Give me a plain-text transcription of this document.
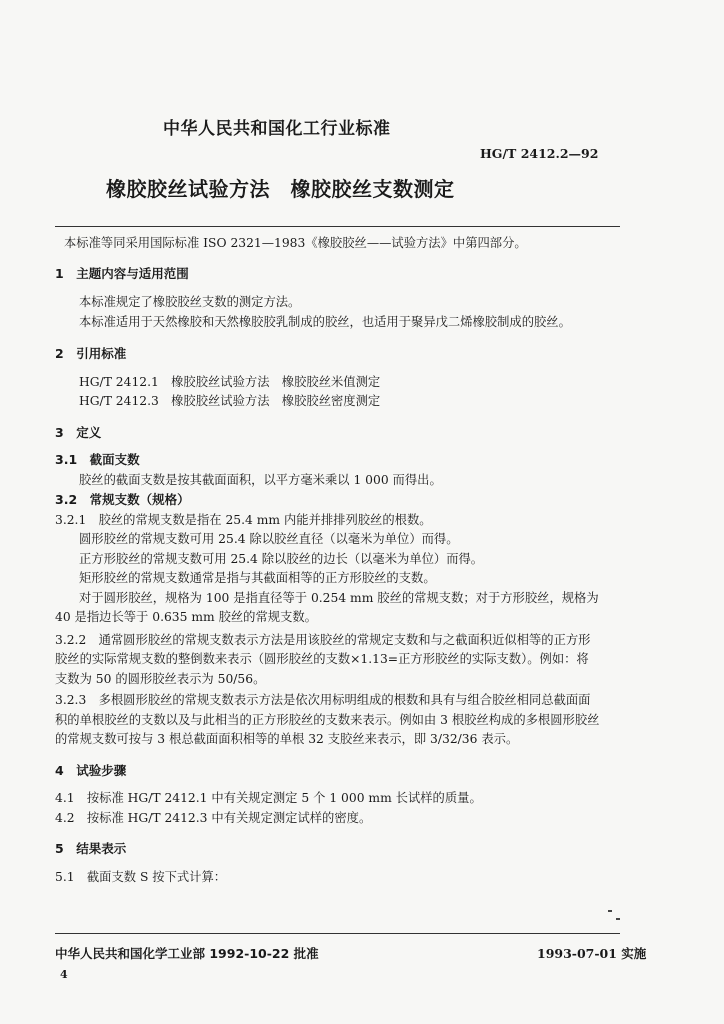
中华人民共和国化工行业标准
HG/T 2412.2—92
橡胶胶丝试验方法　橡胶胶丝支数测定
本标准等同采用国际标准 ISO 2321—1983《橡胶胶丝——试验方法》中第四部分。
1　主题内容与适用范围
本标准规定了橡胶胶丝支数的测定方法。
本标准适用于天然橡胶和天然橡胶胶乳制成的胶丝，也适用于聚异戊二烯橡胶制成的胶丝。
2　引用标准
HG/T 2412.1　橡胶胶丝试验方法　橡胶胶丝米值测定
HG/T 2412.3　橡胶胶丝试验方法　橡胶胶丝密度测定
3　定义
3.1　截面支数
胶丝的截面支数是按其截面面积，以平方毫米乘以 1 000 而得出。
3.2　常规支数（规格）
3.2.1　胶丝的常规支数是指在 25.4 mm 内能并排排列胶丝的根数。
圆形胶丝的常规支数可用 25.4 除以胶丝直径（以毫米为单位）而得。
正方形胶丝的常规支数可用 25.4 除以胶丝的边长（以毫米为单位）而得。
矩形胶丝的常规支数通常是指与其截面相等的正方形胶丝的支数。
对于圆形胶丝，规格为 100 是指直径等于 0.254 mm 胶丝的常规支数；对于方形胶丝，规格为
40 是指边长等于 0.635 mm 胶丝的常规支数。
3.2.2　通常圆形胶丝的常规支数表示方法是用该胶丝的常规定支数和与之截面积近似相等的正方形
胶丝的实际常规支数的整倒数来表示（圆形胶丝的支数×1.13=正方形胶丝的实际支数）。例如：将
支数为 50 的圆形胶丝表示为 50/56。
3.2.3　多根圆形胶丝的常规支数表示方法是依次用标明组成的根数和具有与组合胶丝相同总截面面
积的单根胶丝的支数以及与此相当的正方形胶丝的支数来表示。例如由 3 根胶丝构成的多根圆形胶丝
的常规支数可按与 3 根总截面面积相等的单根 32 支胶丝来表示，即 3/32/36 表示。
4　试验步骤
4.1　按标准 HG/T 2412.1 中有关规定测定 5 个 1 000 mm 长试样的质量。
4.2　按标准 HG/T 2412.3 中有关规定测定试样的密度。
5　结果表示
5.1　截面支数 S 按下式计算：
中华人民共和国化学工业部 1992-10-22 批准	1993-07-01 实施
4
